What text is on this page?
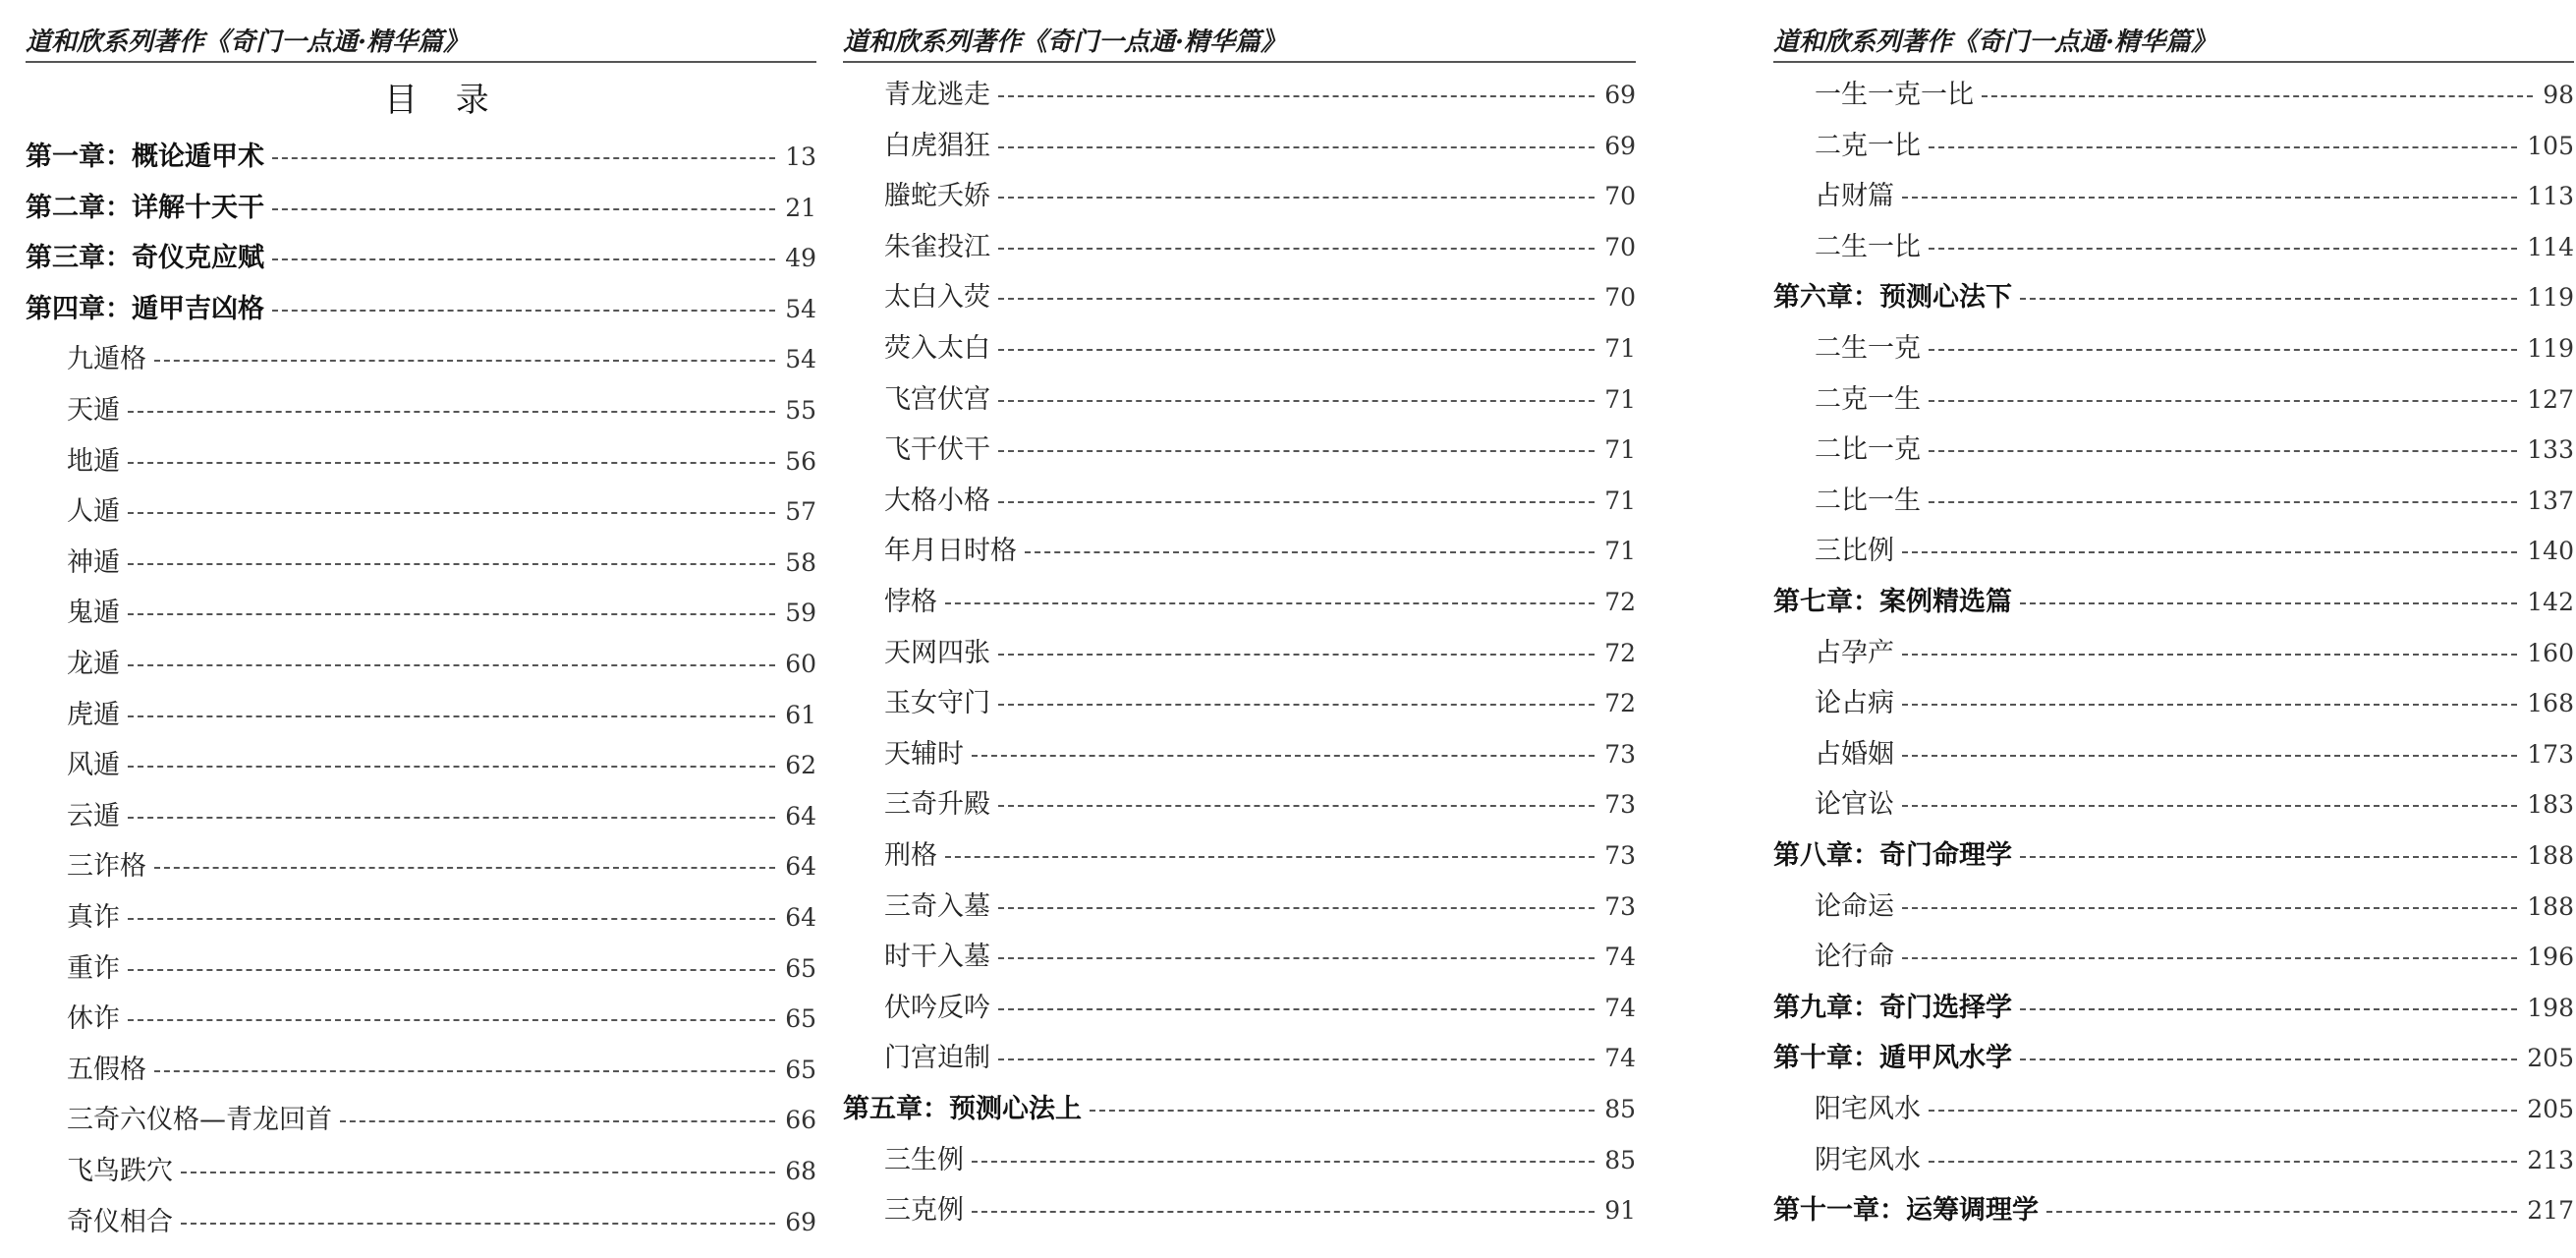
道和欣系列著作《奇门一点通·精华篇》
目 录
第一章：概论遁甲术	13
第二章：详解十天干	21
第三章：奇仪克应赋	49
第四章：遁甲吉凶格	54
九遁格	54
天遁	55
地遁	56
人遁	57
神遁	58
鬼遁	59
龙遁	60
虎遁	61
风遁	62
云遁	64
三诈格	64
真诈	64
重诈	65
休诈	65
五假格	65
三奇六仪格—青龙回首	66
飞鸟跌穴	68
奇仪相合	69
道和欣系列著作《奇门一点通·精华篇》
青龙逃走	69
白虎猖狂	69
螣蛇夭娇	70
朱雀投江	70
太白入荧	70
荧入太白	71
飞宫伏宫	71
飞干伏干	71
大格小格	71
年月日时格	71
悖格	72
天网四张	72
玉女守门	72
天辅时	73
三奇升殿	73
刑格	73
三奇入墓	73
时干入墓	74
伏吟反吟	74
门宫迫制	74
第五章：预测心法上	85
三生例	85
三克例	91
道和欣系列著作《奇门一点通·精华篇》
一生一克一比	98
二克一比	105
占财篇	113
二生一比	114
第六章：预测心法下	119
二生一克	119
二克一生	127
二比一克	133
二比一生	137
三比例	140
第七章：案例精选篇	142
占孕产	160
论占病	168
占婚姻	173
论官讼	183
第八章：奇门命理学	188
论命运	188
论行命	196
第九章：奇门选择学	198
第十章：遁甲风水学	205
阳宅风水	205
阴宅风水	213
第十一章：运筹调理学	217
